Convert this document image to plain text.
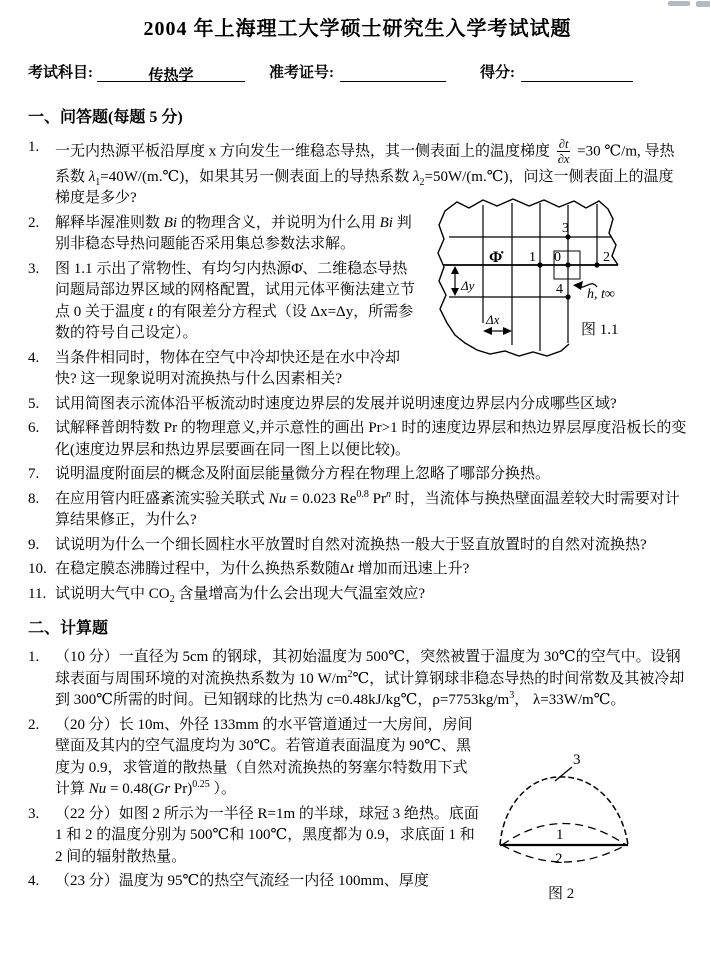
2004 年上海理工大学硕士研究生入学考试试题
考试科目:	传热学	准考证号:	得分:
一、问答题(每题 5 分)
1.	一无内热源平板沿厚度 x 方向发生一维稳态导热，其一侧表面上的温度梯度 $\frac{\partial t}{\partial x} =30$ ℃/m, 导热系数 $\lambda_1=40W/(m.℃)$，如果其另一侧表面上的导热系数 $\lambda_2=50W/(m.℃)$，问这一侧表面上的温度梯度是多少?
2.	解释毕渥准则数 Bi 的物理含义，并说明为什么用 Bi 判别非稳态导热问题能否采用集总参数法求解。
3.	图 1.1 示出了常物性、有均匀内热源Φ̇、二维稳态导热问题局部边界区域的网格配置，试用元体平衡法建立节点 0 关于温度 t 的有限差分方程式（设 Δx=Δy，所需参数的符号自己设定）。
4.	当条件相同时，物体在空气中冷却快还是在水中冷却快? 这一现象说明对流换热与什么因素相关?
5.	试用简图表示流体沿平板流动时速度边界层的发展并说明速度边界层内分成哪些区域?
6.	试解释普朗特数 Pr 的物理意义,并示意性的画出 Pr>1 时的速度边界层和热边界层厚度沿板长的变化(速度边界层和热边界层要画在同一图上以便比较)。
7.	说明温度附面层的概念及附面层能量微分方程在物理上忽略了哪部分换热。
8.	在应用管内旺盛紊流实验关联式 Nu = 0.023 $Re^{0.8}$ Pr$^n$ 时，当流体与换热壁面温差较大时需要对计算结果修正，为什么?
9.	试说明为什么一个细长圆柱水平放置时自然对流换热一般大于竖直放置时的自然对流换热?
10. 在稳定膜态沸腾过程中，为什么换热系数随Δt 增加而迅速上升?
11. 试说明大气中 $CO_2$ 含量增高为什么会出现大气温室效应?
二、计算题
1.	（10 分）一直径为 5cm 的钢球，其初始温度为 500℃，突然被置于温度为 30℃的空气中。设钢球表面与周围环境的对流换热系数为 10 $W/m^2℃$，试计算钢球非稳态导热的时间常数及其被冷却到 300℃所需的时间。已知钢球的比热为 c=0.48kJ/kg℃，$\rho=7753kg/m^3$， λ=33W/m℃。
2.	（20 分）长 10m、外径 133mm 的水平管道通过一大房间，房间壁面及其内的空气温度均为 30℃。若管道表面温度为 90℃、黑度为 0.9，求管道的散热量（自然对流换热的努塞尔特数用下式计算 Nu = 0.48(Gr Pr)$^{0.25}$ ）。
3.	（22 分）如图 2 所示为一半径 R=1m 的半球，球冠 3 绝热。底面 1 和 2 的温度分别为 500℃和 100℃，黑度都为 0.9，求底面 1 和 2 间的辐射散热量。
4.	（23 分）温度为 95℃的热空气流经一内径 100mm、厚度
3
1 0	2
4
Φ̇
Δy
Δx
h, t∞
图 1.1
3
1
2
图 2
